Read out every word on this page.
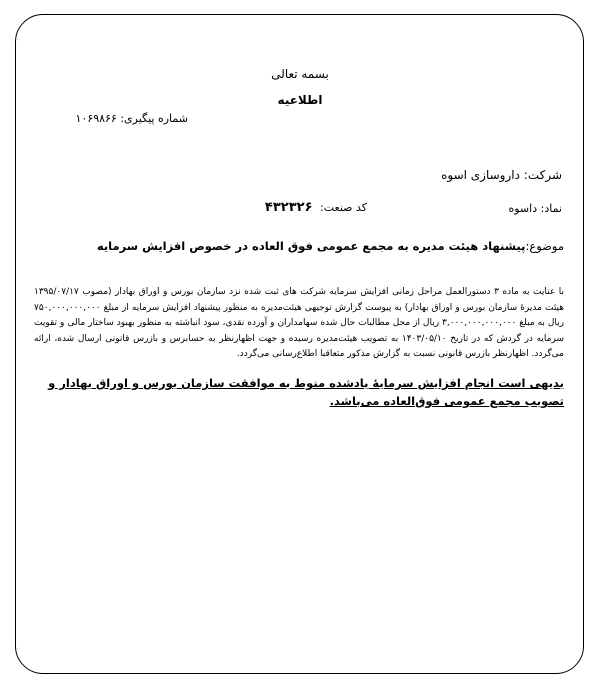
بسمه تعالی
اطلاعیه
شماره پیگیری: ۱۰۶۹۸۶۶
شرکت: داروسازی اسوه
نماد: داسوه
کد صنعت: ۴۳۲۳۲۶
موضوع:پیشنهاد هیئت مدیره به مجمع عمومی فوق العاده در خصوص افزایش سرمایه
با عنایت به ماده ۳ دستورالعمل مراحل زمانی افزایش سرمایه شرکت های ثبت شده نزد سازمان بورس و اوراق بهادار (مصوب ۱۳۹۵/۰۷/۱۷ هیئت مدیرهٔ سازمان بورس و اوراق بهادار) به پیوست گزارش توجیهی هیئت‌مدیره به منظور پیشنهاد افزایش سرمایه از مبلغ ۷۵۰,۰۰۰,۰۰۰,۰۰۰ ریال به مبلغ ۳,۰۰۰,۰۰۰,۰۰۰,۰۰۰ ریال از محل مطالبات حال شده سهامداران و آورده نقدی، سود انباشته به منظور بهبود ساختار مالی و تقویت سرمایه در گردش که در تاریخ ۱۴۰۳/۰۵/۱۰ به تصویب هیئت‌مدیره رسیده و جهت اظهارنظر به حسابرس و بازرس قانونی ارسال شده، ارائه می‌گردد. اظهارنظر بازرس قانونی نسبت به گزارش مذکور متعاقبا اطلاع‌رسانی می‌گردد.
بدیهی است انجام افزایش سرمایهٔ یادشده منوط به موافقت سازمان بورس و اوراق بهادار و تصویب مجمع عمومی فوق‌العاده می‌باشد.
